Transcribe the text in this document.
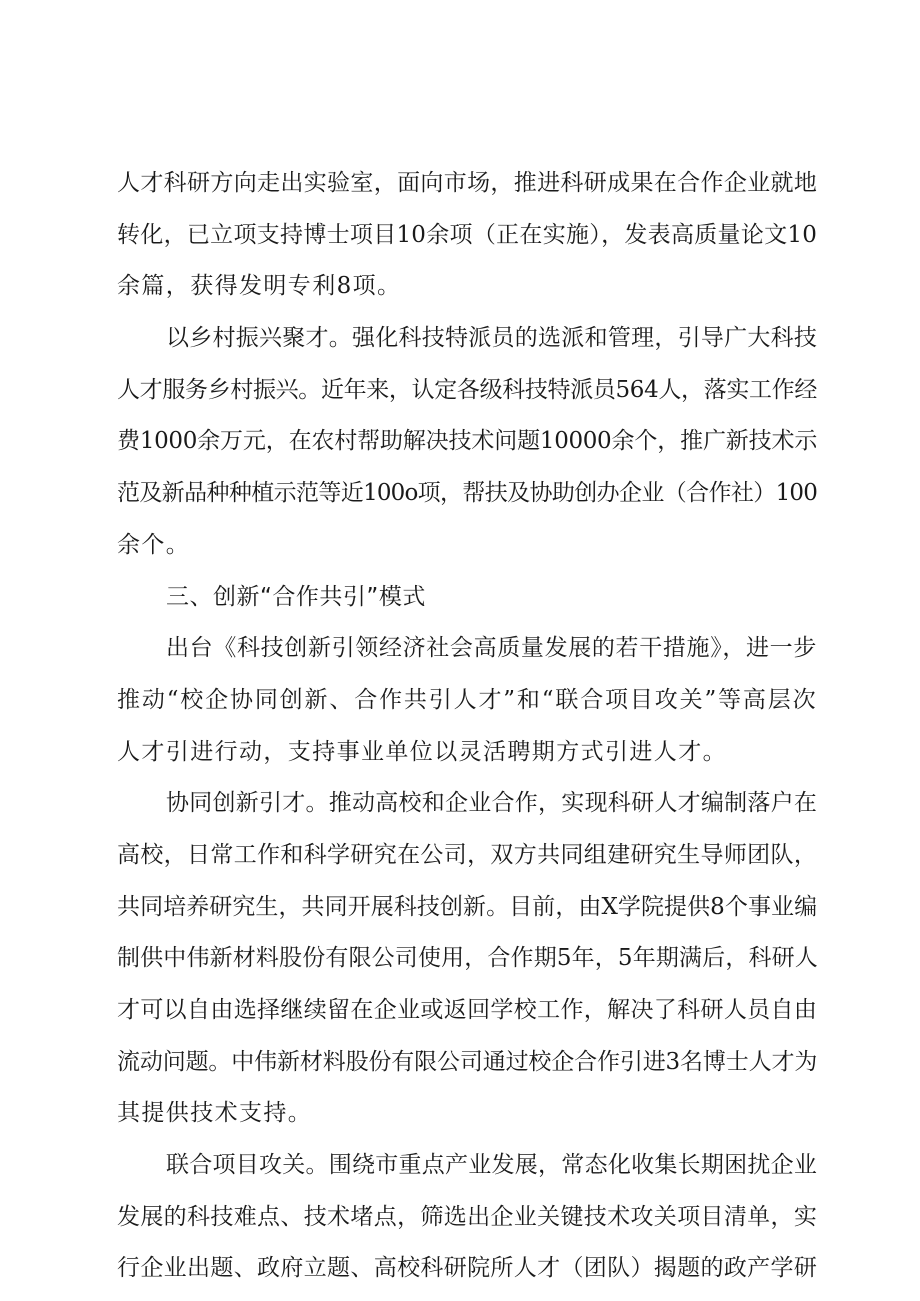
人才科研方向走出实验室，面向市场，推进科研成果在合作企业就地
转化，已立项支持博士项目10余项（正在实施），发表高质量论文10
余篇，获得发明专利8项。
以乡村振兴聚才。强化科技特派员的选派和管理，引导广大科技
人才服务乡村振兴。近年来，认定各级科技特派员564人，落实工作经
费1000余万元，在农村帮助解决技术问题10000余个，推广新技术示
范及新品种种植示范等近100o项，帮扶及协助创办企业（合作社）100
余个。
三、创新“合作共引”模式
出台《科技创新引领经济社会高质量发展的若干措施》，进一步
推动“校企协同创新、合作共引人才”和“联合项目攻关”等高层次
人才引进行动，支持事业单位以灵活聘期方式引进人才。
协同创新引才。推动高校和企业合作，实现科研人才编制落户在
高校，日常工作和科学研究在公司，双方共同组建研究生导师团队，
共同培养研究生，共同开展科技创新。目前，由X学院提供8个事业编
制供中伟新材料股份有限公司使用，合作期5年，5年期满后，科研人
才可以自由选择继续留在企业或返回学校工作，解决了科研人员自由
流动问题。中伟新材料股份有限公司通过校企合作引进3名博士人才为
其提供技术支持。
联合项目攻关。围绕市重点产业发展，常态化收集长期困扰企业
发展的科技难点、技术堵点，筛选出企业关键技术攻关项目清单，实
行企业出题、政府立题、高校科研院所人才（团队）揭题的政产学研
